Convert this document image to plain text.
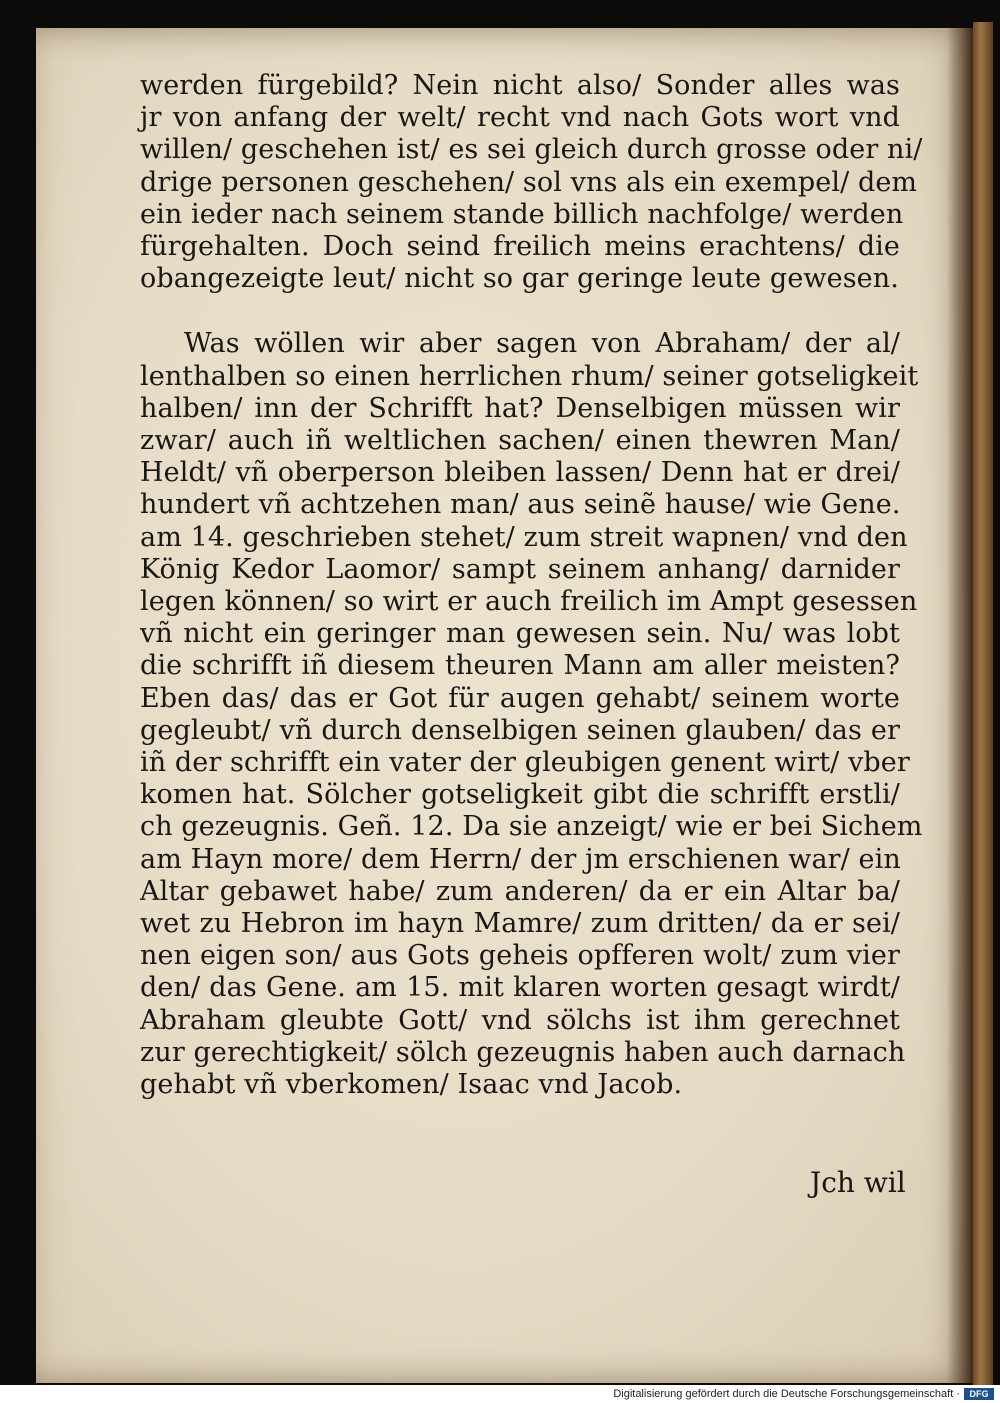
werden fürgebild? Nein nicht also/ Sonder alles was
jr von anfang der welt/ recht vnd nach Gots wort vnd
willen/ geschehen ist/ es sei gleich durch grosse oder ni/
drige personen geschehen/ sol vns als ein exempel/ dem
ein ieder nach seinem stande billich nachfolge/ werden
fürgehalten. Doch seind freilich meins erachtens/ die
obangezeigte leut/ nicht so gar geringe leute gewesen.
Was wöllen wir aber sagen von Abraham/ der al/
lenthalben so einen herrlichen rhum/ seiner gotseligkeit
halben/ inn der Schrifft hat? Denselbigen müssen wir
zwar/ auch iñ weltlichen sachen/ einen thewren Man/
Heldt/ vñ oberperson bleiben lassen/ Denn hat er drei/
hundert vñ achtzehen man/ aus seinẽ hause/ wie Gene.
am 14. geschrieben stehet/ zum streit wapnen/ vnd den
König Kedor Laomor/ sampt seinem anhang/ darnider
legen können/ so wirt er auch freilich im Ampt gesessen
vñ nicht ein geringer man gewesen sein. Nu/ was lobt
die schrifft iñ diesem theuren Mann am aller meisten?
Eben das/ das er Got für augen gehabt/ seinem worte
gegleubt/ vñ durch denselbigen seinen glauben/ das er
iñ der schrifft ein vater der gleubigen genent wirt/ vber
komen hat. Sölcher gotseligkeit gibt die schrifft erstli/
ch gezeugnis. Geñ. 12. Da sie anzeigt/ wie er bei Sichem
am Hayn more/ dem Herrn/ der jm erschienen war/ ein
Altar gebawet habe/ zum anderen/ da er ein Altar ba/
wet zu Hebron im hayn Mamre/ zum dritten/ da er sei/
nen eigen son/ aus Gots geheis opfferen wolt/ zum vier
den/ das Gene. am 15. mit klaren worten gesagt wirdt/
Abraham gleubte Gott/ vnd sölchs ist ihm gerechnet
zur gerechtigkeit/ sölch gezeugnis haben auch darnach
gehabt vñ vberkomen/ Isaac vnd Jacob.
Jch wil
Digitalisierung gefördert durch die Deutsche Forschungsgemeinschaft ·	DFG
